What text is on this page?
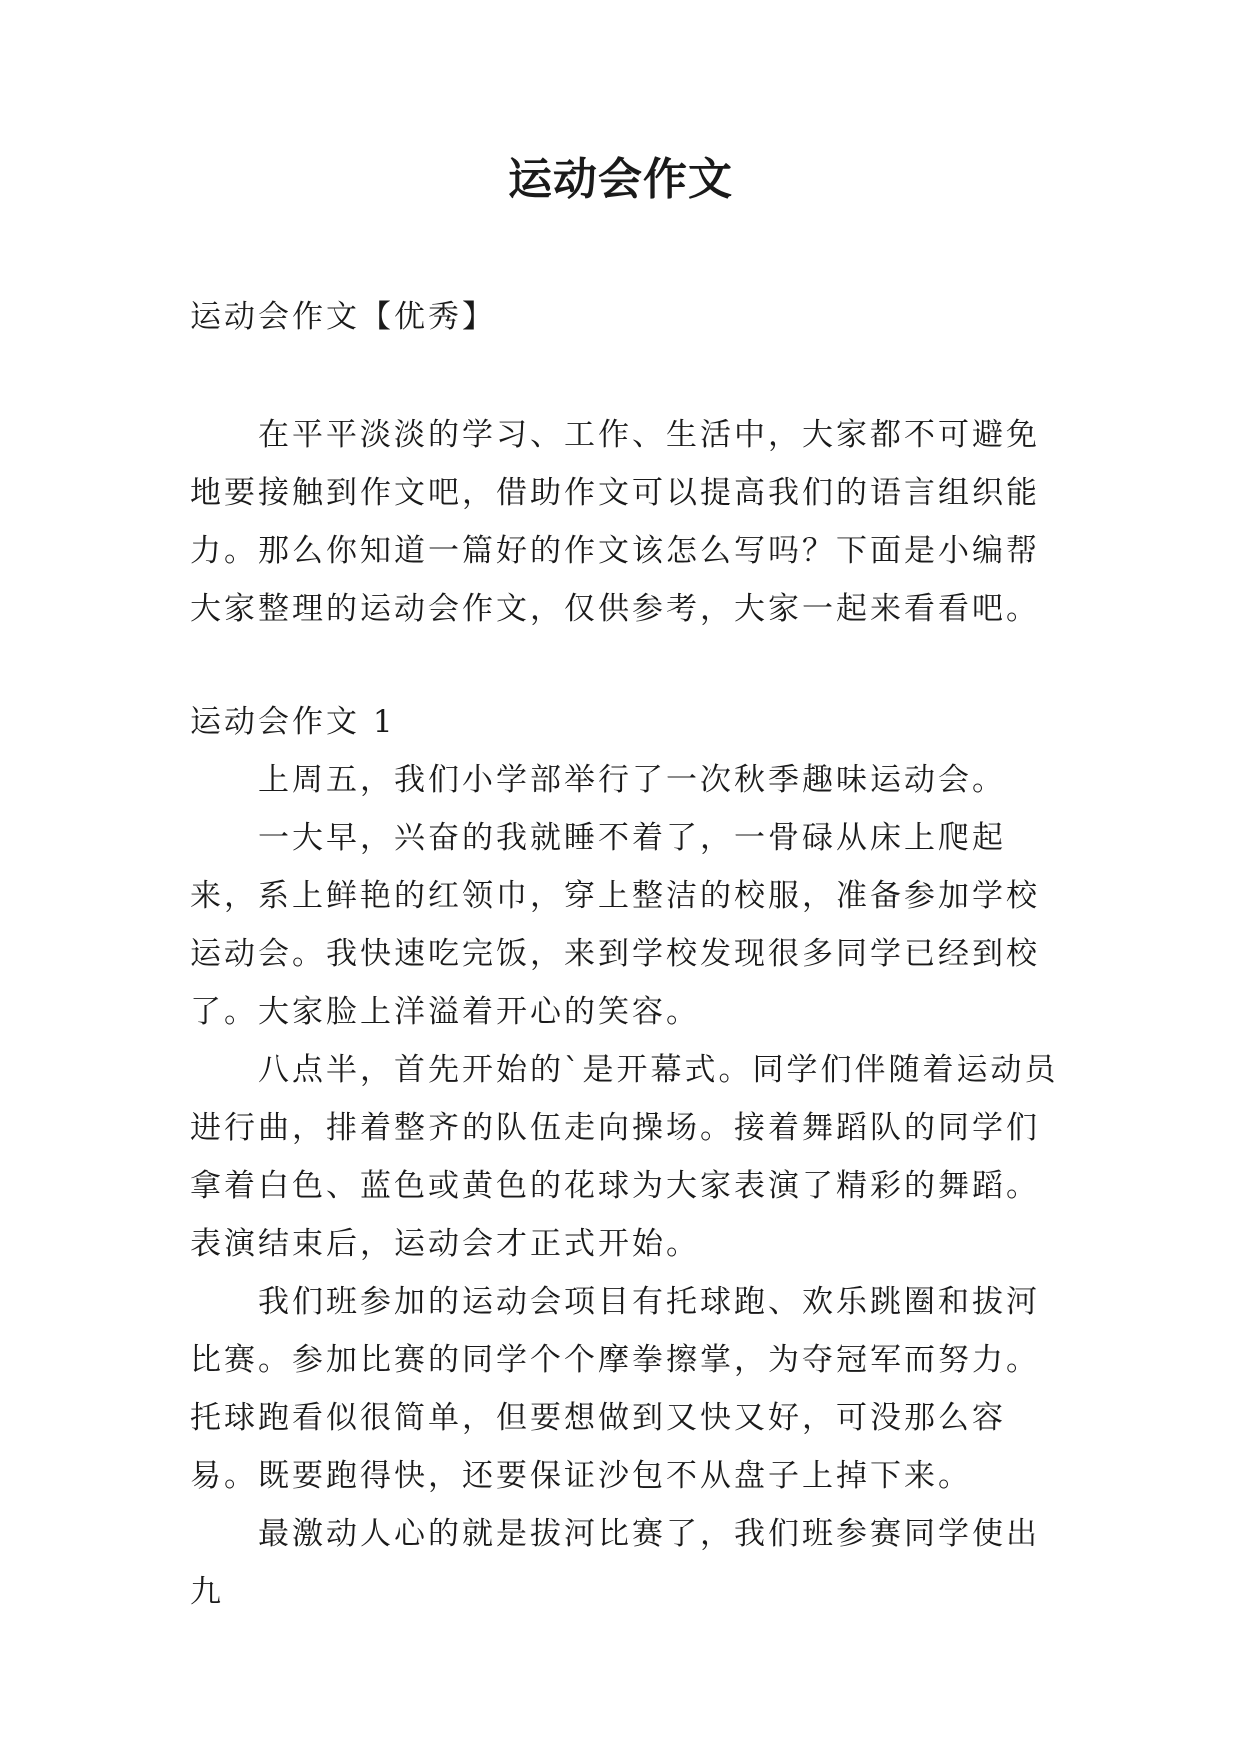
运动会作文
运动会作文【优秀】

在平平淡淡的学习、工作、生活中，大家都不可避免地要接触到作文吧，借助作文可以提高我们的语言组织能力。那么你知道一篇好的作文该怎么写吗？下面是小编帮大家整理的运动会作文，仅供参考，大家一起来看看吧。

运动会作文 1

上周五，我们小学部举行了一次秋季趣味运动会。

一大早，兴奋的我就睡不着了，一骨碌从床上爬起来，系上鲜艳的红领巾，穿上整洁的校服，准备参加学校运动会。我快速吃完饭，来到学校发现很多同学已经到校了。大家脸上洋溢着开心的笑容。

八点半，首先开始的`是开幕式。同学们伴随着运动员进行曲，排着整齐的队伍走向操场。接着舞蹈队的同学们拿着白色、蓝色或黄色的花球为大家表演了精彩的舞蹈。表演结束后，运动会才正式开始。

我们班参加的运动会项目有托球跑、欢乐跳圈和拔河比赛。参加比赛的同学个个摩拳擦掌，为夺冠军而努力。托球跑看似很简单，但要想做到又快又好，可没那么容易。既要跑得快，还要保证沙包不从盘子上掉下来。

最激动人心的就是拔河比赛了，我们班参赛同学使出九
